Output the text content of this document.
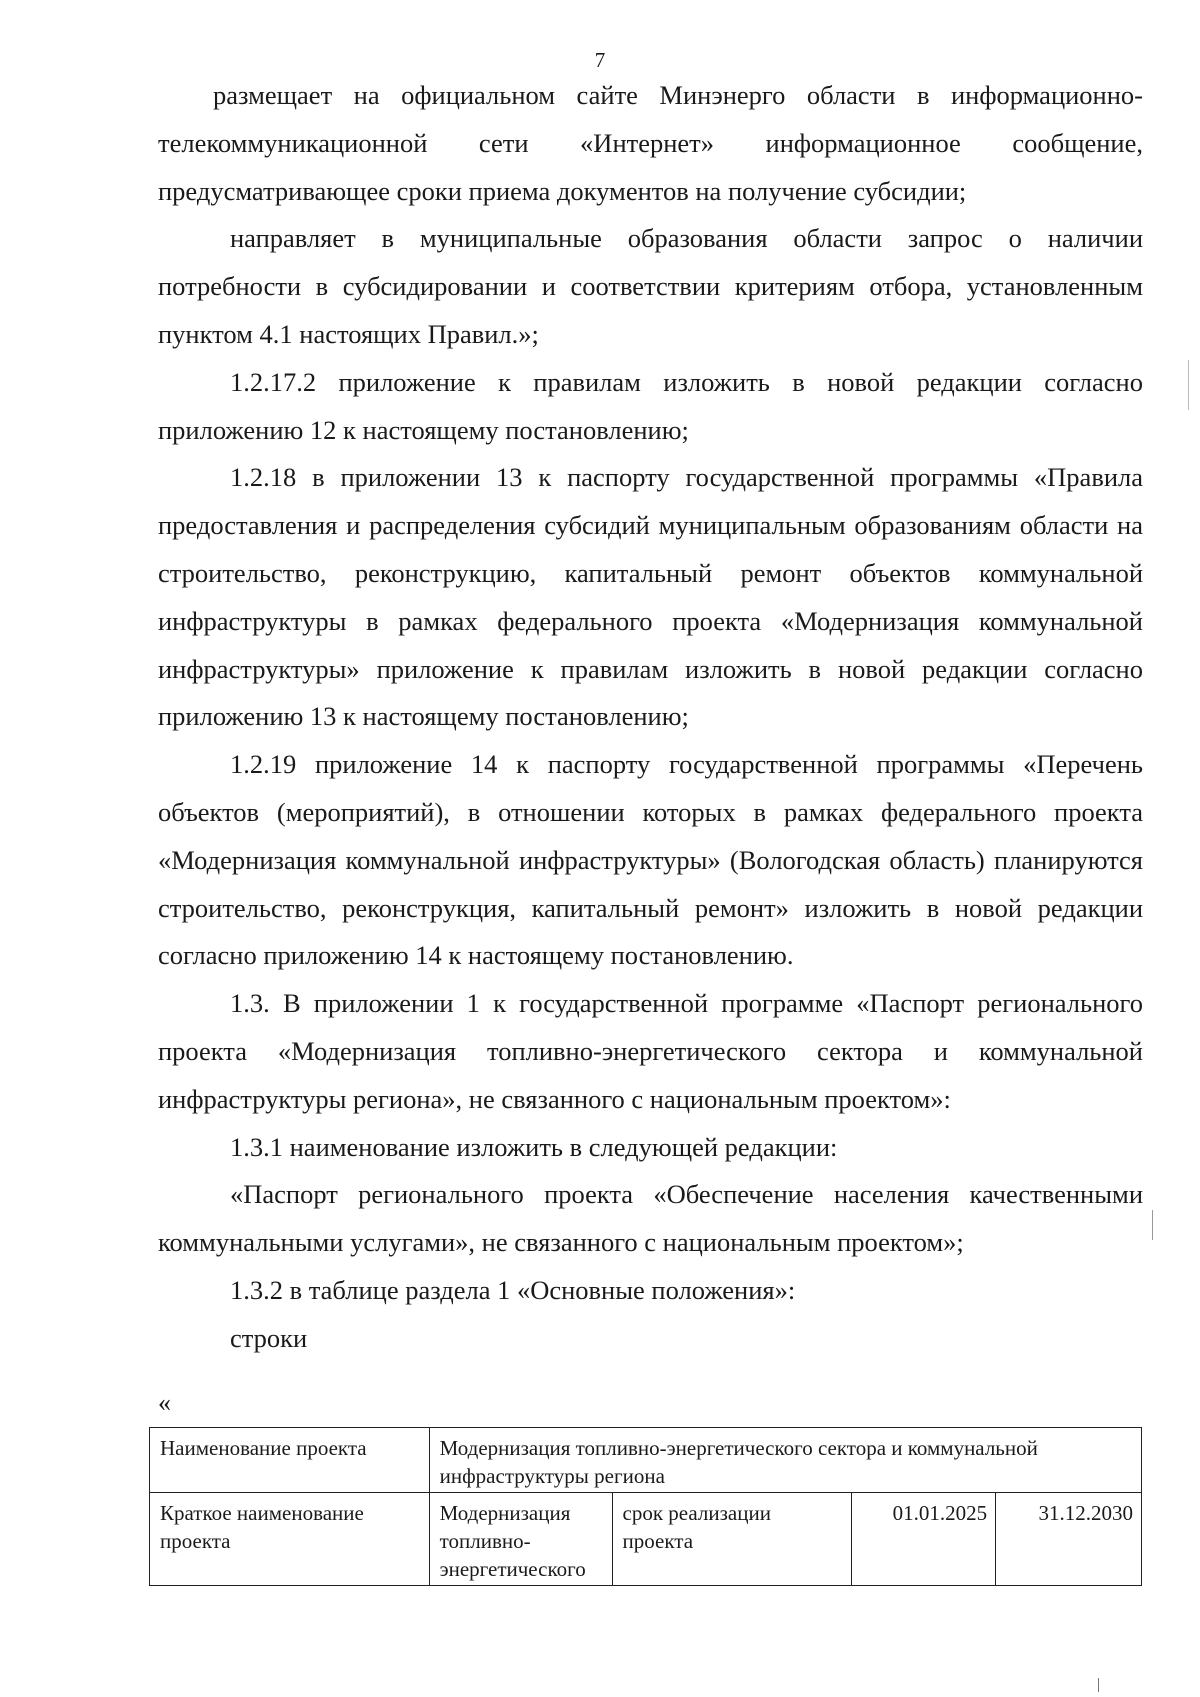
7

размещает на официальном сайте Минэнерго области в информационно-телекоммуникационной сети «Интернет» информационное сообщение, предусматривающее сроки приема документов на получение субсидии;

направляет в муниципальные образования области запрос о наличии потребности в субсидировании и соответствии критериям отбора, установленным пунктом 4.1 настоящих Правил.»;

1.2.17.2 приложение к правилам изложить в новой редакции согласно приложению 12 к настоящему постановлению;

1.2.18 в приложении 13 к паспорту государственной программы «Правила предоставления и распределения субсидий муниципальным образованиям области на строительство, реконструкцию, капитальный ремонт объектов коммунальной инфраструктуры в рамках федерального проекта «Модернизация коммунальной инфраструктуры» приложение к правилам изложить в новой редакции согласно приложению 13 к настоящему постановлению;

1.2.19 приложение 14 к паспорту государственной программы «Перечень объектов (мероприятий), в отношении которых в рамках федерального проекта «Модернизация коммунальной инфраструктуры» (Вологодская область) планируются строительство, реконструкция, капитальный ремонт» изложить в новой редакции согласно приложению 14 к настоящему постановлению.

1.3. В приложении 1 к государственной программе «Паспорт регионального проекта «Модернизация топливно-энергетического сектора и коммунальной инфраструктуры региона», не связанного с национальным проектом»:

1.3.1 наименование изложить в следующей редакции:

«Паспорт регионального проекта «Обеспечение населения качественными коммунальными услугами», не связанного с национальным проектом»;

1.3.2 в таблице раздела 1 «Основные положения»:

строки

«
Наименование проекта	Модернизация топливно-энергетического сектора и коммунальной инфраструктуры региона			
Краткое наименование проекта	Модернизация топливно-энергетического	срок реализации проекта	01.01.2025	31.12.2030
